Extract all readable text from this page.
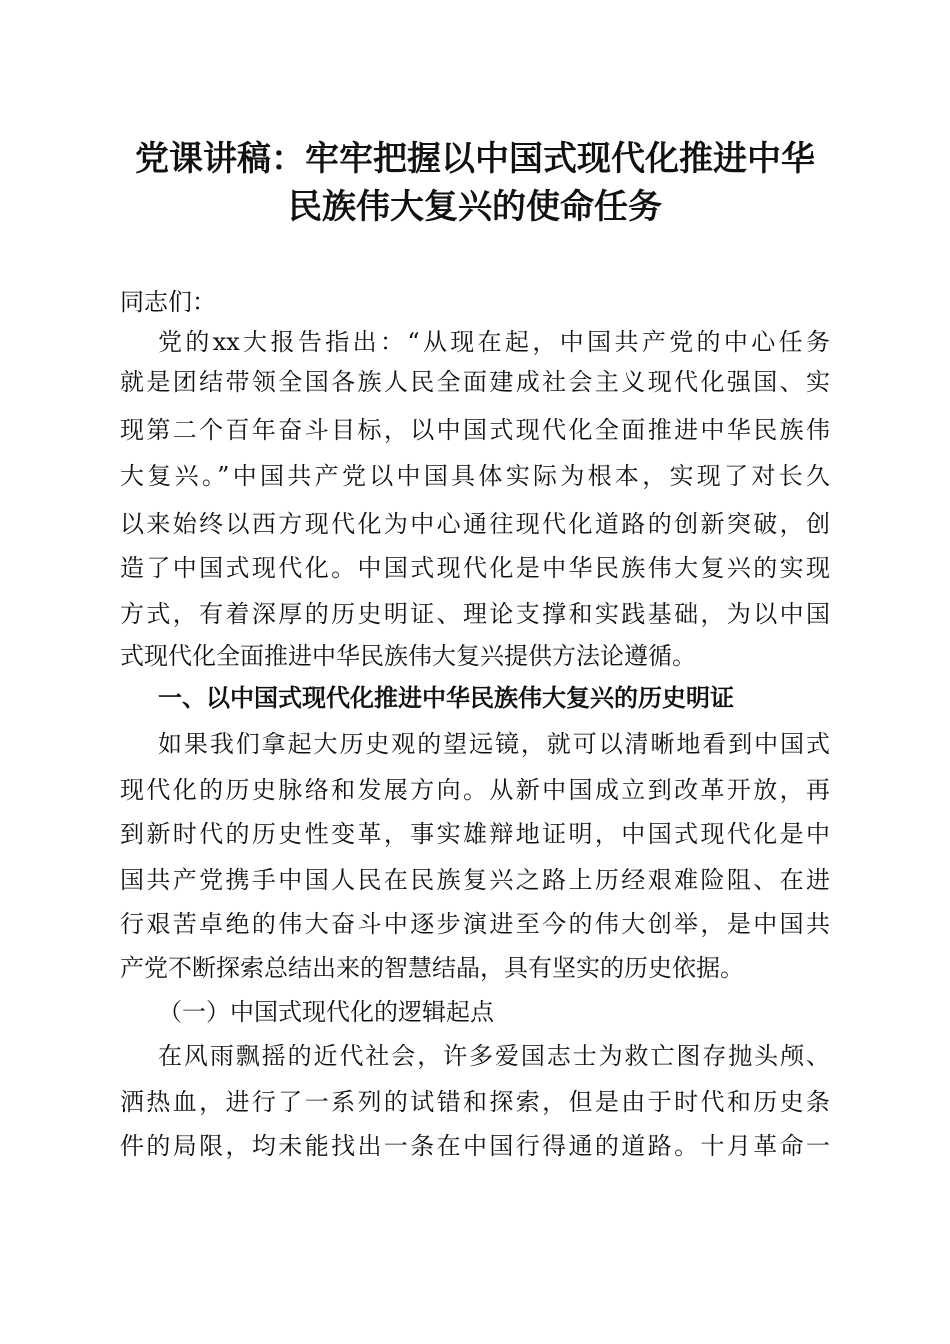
党课讲稿：牢牢把握以中国式现代化推进中华
民族伟大复兴的使命任务
同志们：
党的xx大报告指出：“从现在起，中国共产党的中心任务
就是团结带领全国各族人民全面建成社会主义现代化强国、实
现第二个百年奋斗目标，以中国式现代化全面推进中华民族伟
大复兴。”中国共产党以中国具体实际为根本，实现了对长久
以来始终以西方现代化为中心通往现代化道路的创新突破，创
造了中国式现代化。中国式现代化是中华民族伟大复兴的实现
方式，有着深厚的历史明证、理论支撑和实践基础，为以中国
式现代化全面推进中华民族伟大复兴提供方法论遵循。
一、以中国式现代化推进中华民族伟大复兴的历史明证
如果我们拿起大历史观的望远镜，就可以清晰地看到中国式
现代化的历史脉络和发展方向。从新中国成立到改革开放，再
到新时代的历史性变革，事实雄辩地证明，中国式现代化是中
国共产党携手中国人民在民族复兴之路上历经艰难险阻、在进
行艰苦卓绝的伟大奋斗中逐步演进至今的伟大创举，是中国共
产党不断探索总结出来的智慧结晶，具有坚实的历史依据。
（一）中国式现代化的逻辑起点
在风雨飘摇的近代社会，许多爱国志士为救亡图存抛头颅、
洒热血，进行了一系列的试错和探索，但是由于时代和历史条
件的局限，均未能找出一条在中国行得通的道路。十月革命一
